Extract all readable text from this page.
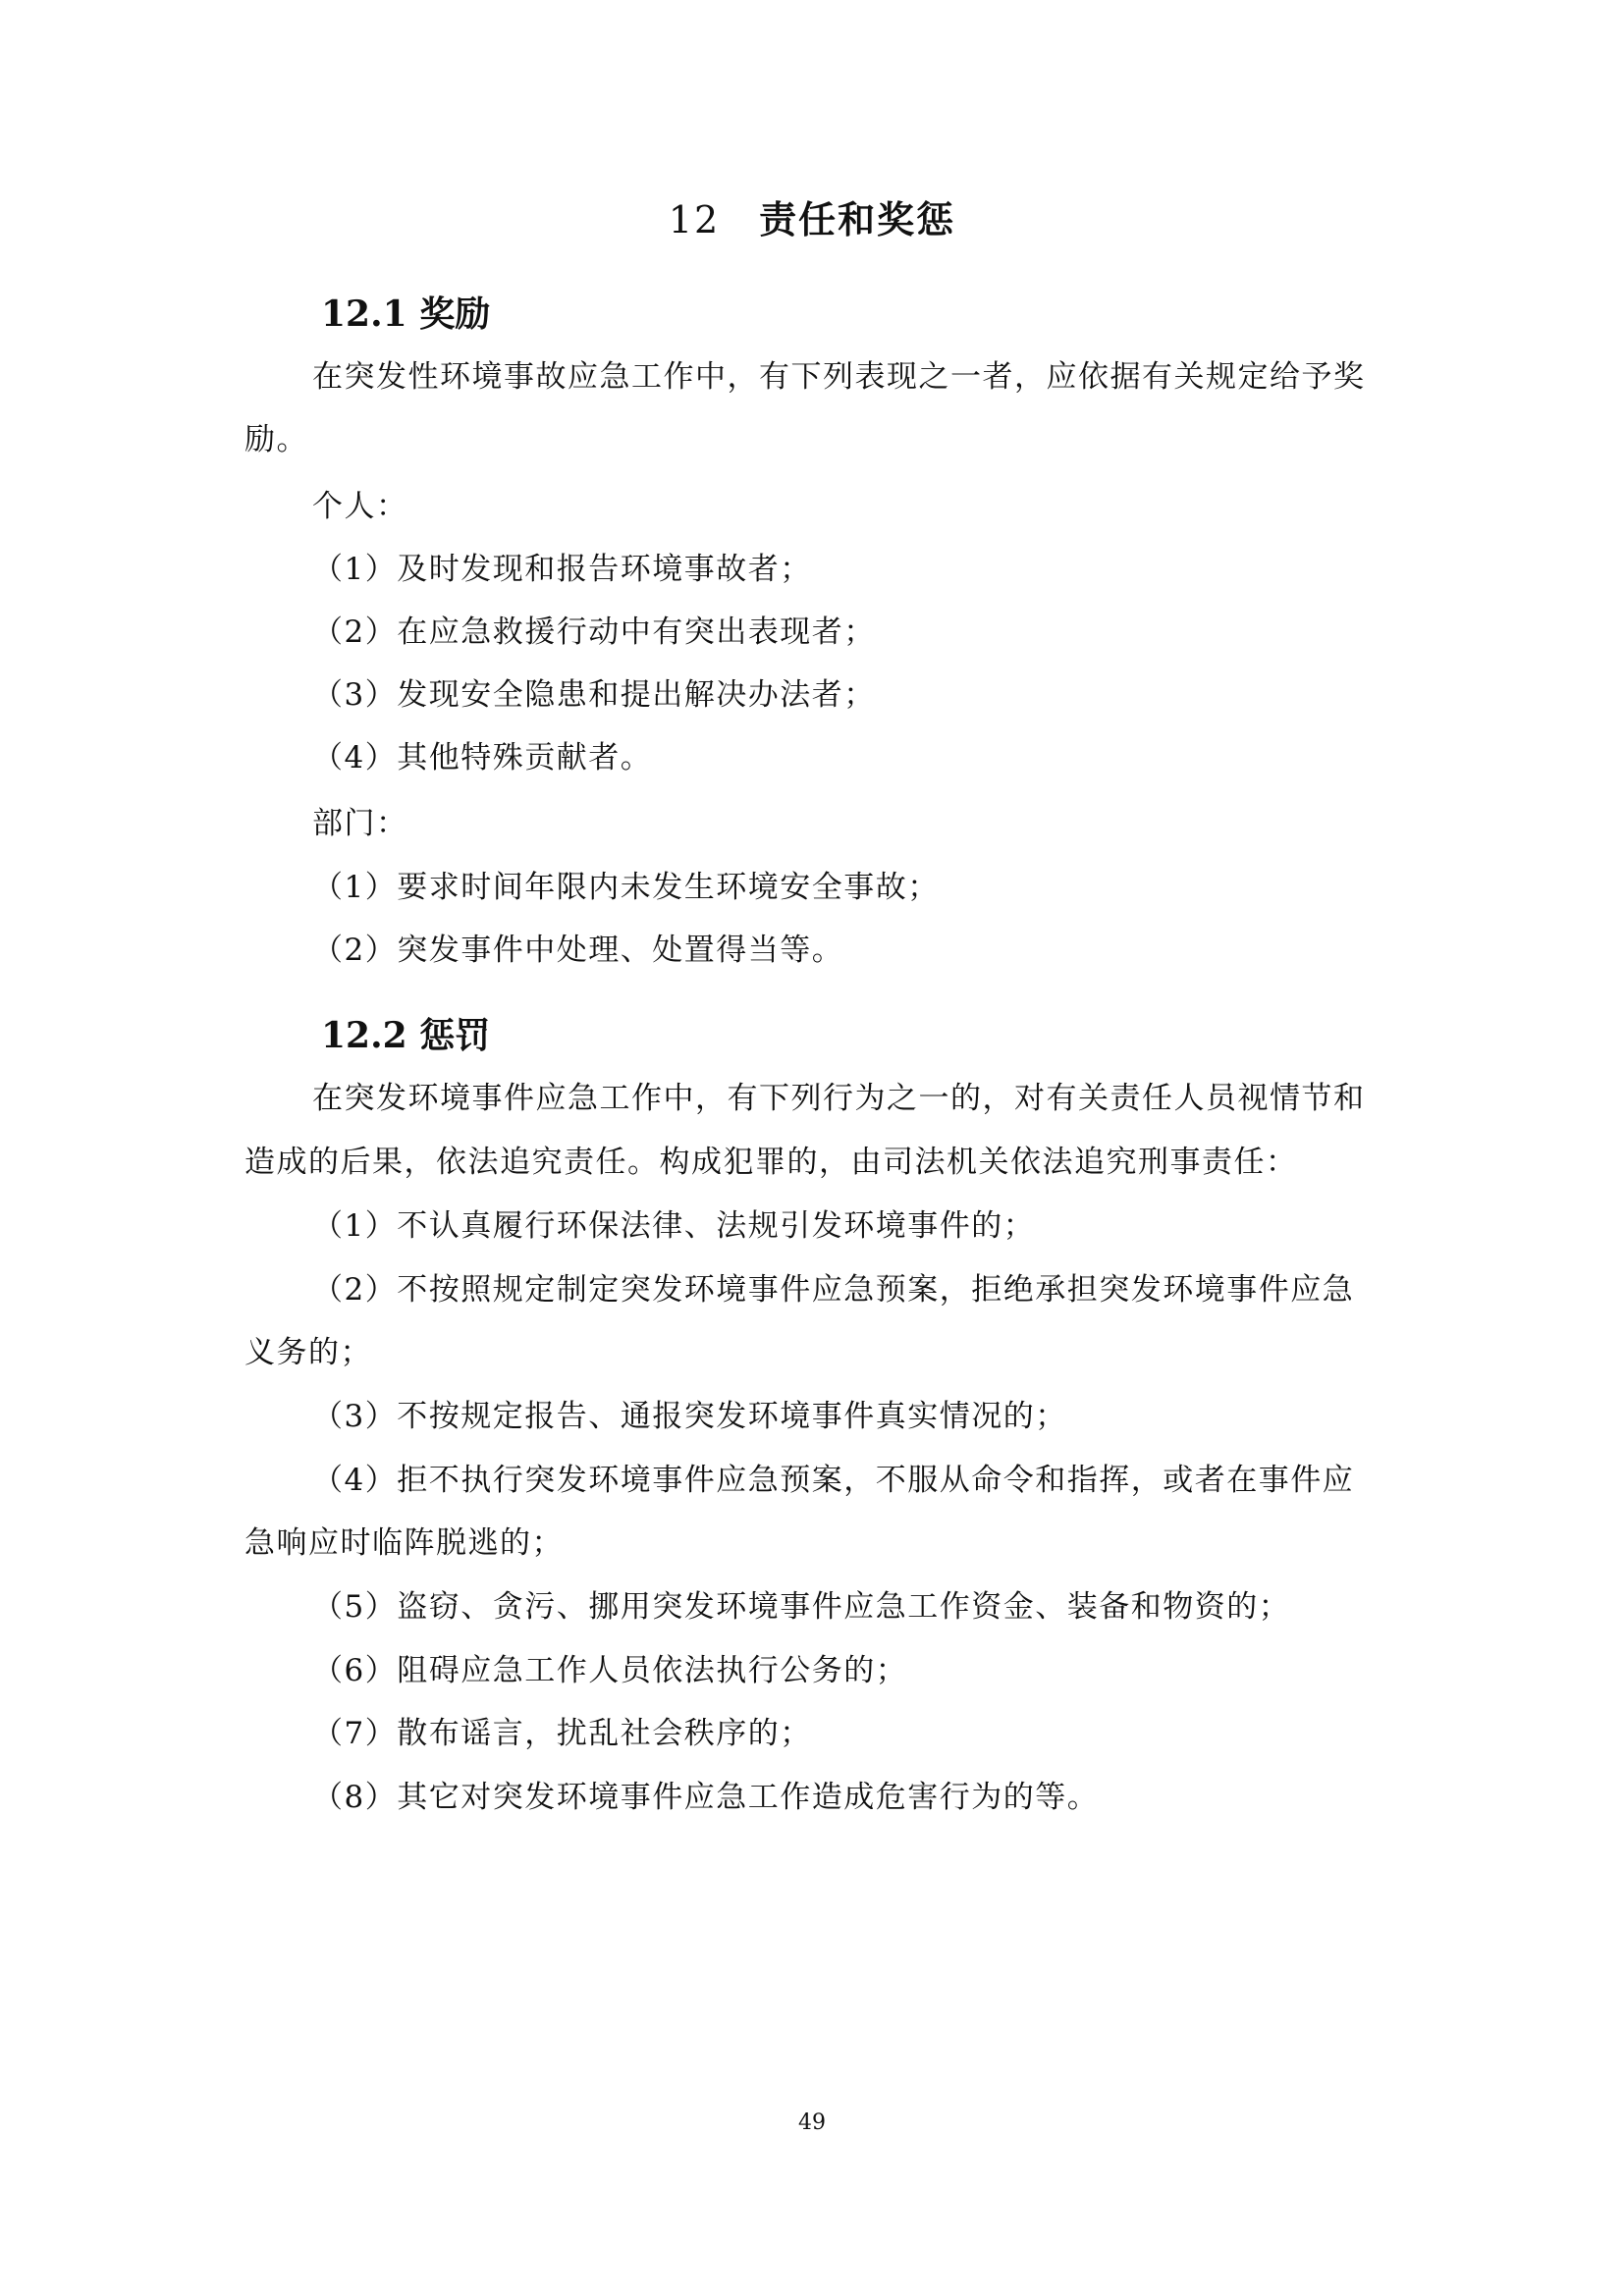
12 责任和奖惩
12.1 奖励
在突发性环境事故应急工作中，有下列表现之一者，应依据有关规定给予奖
励。
个人：
（1）及时发现和报告环境事故者；
（2）在应急救援行动中有突出表现者；
（3）发现安全隐患和提出解决办法者；
（4）其他特殊贡献者。
部门：
（1）要求时间年限内未发生环境安全事故；
（2）突发事件中处理、处置得当等。
12.2 惩罚
在突发环境事件应急工作中，有下列行为之一的，对有关责任人员视情节和
造成的后果，依法追究责任。构成犯罪的，由司法机关依法追究刑事责任：
（1）不认真履行环保法律、法规引发环境事件的；
（2）不按照规定制定突发环境事件应急预案，拒绝承担突发环境事件应急
义务的；
（3）不按规定报告、通报突发环境事件真实情况的；
（4）拒不执行突发环境事件应急预案，不服从命令和指挥，或者在事件应
急响应时临阵脱逃的；
（5）盗窃、贪污、挪用突发环境事件应急工作资金、装备和物资的；
（6）阻碍应急工作人员依法执行公务的；
（7）散布谣言，扰乱社会秩序的；
（8）其它对突发环境事件应急工作造成危害行为的等。
49
